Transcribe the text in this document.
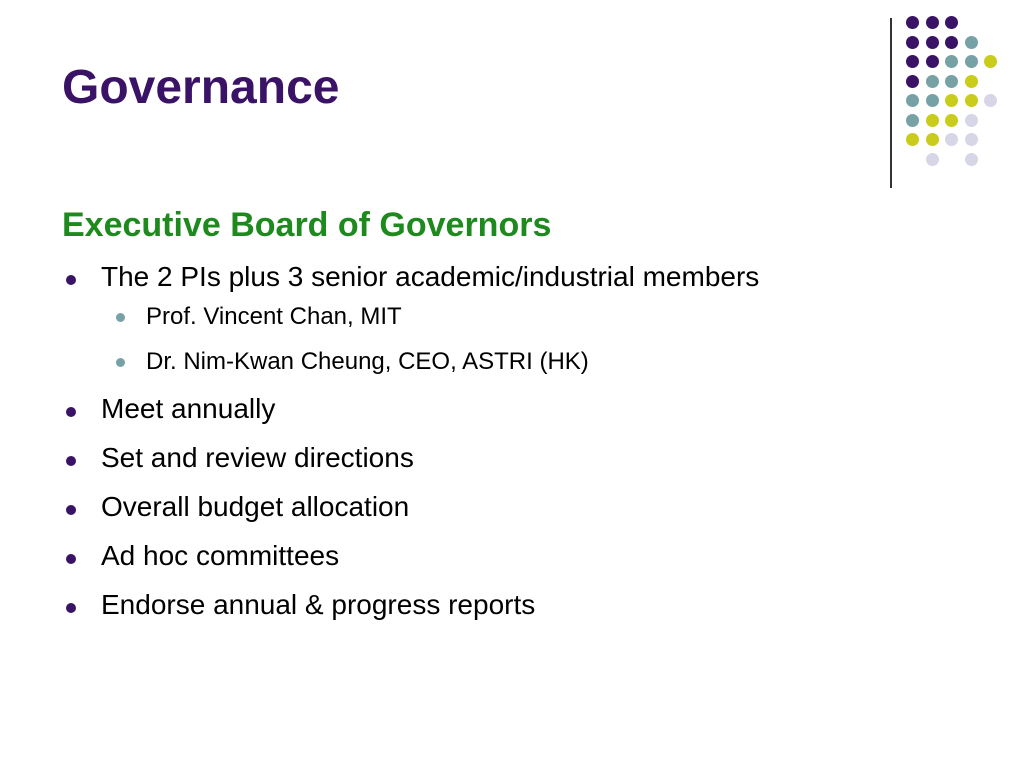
Governance
Executive Board of Governors
The 2 PIs plus 3 senior academic/industrial members
Prof. Vincent Chan, MIT
Dr. Nim-Kwan Cheung, CEO, ASTRI (HK)
Meet annually
Set and review directions
Overall budget allocation
Ad hoc committees
Endorse annual & progress reports
